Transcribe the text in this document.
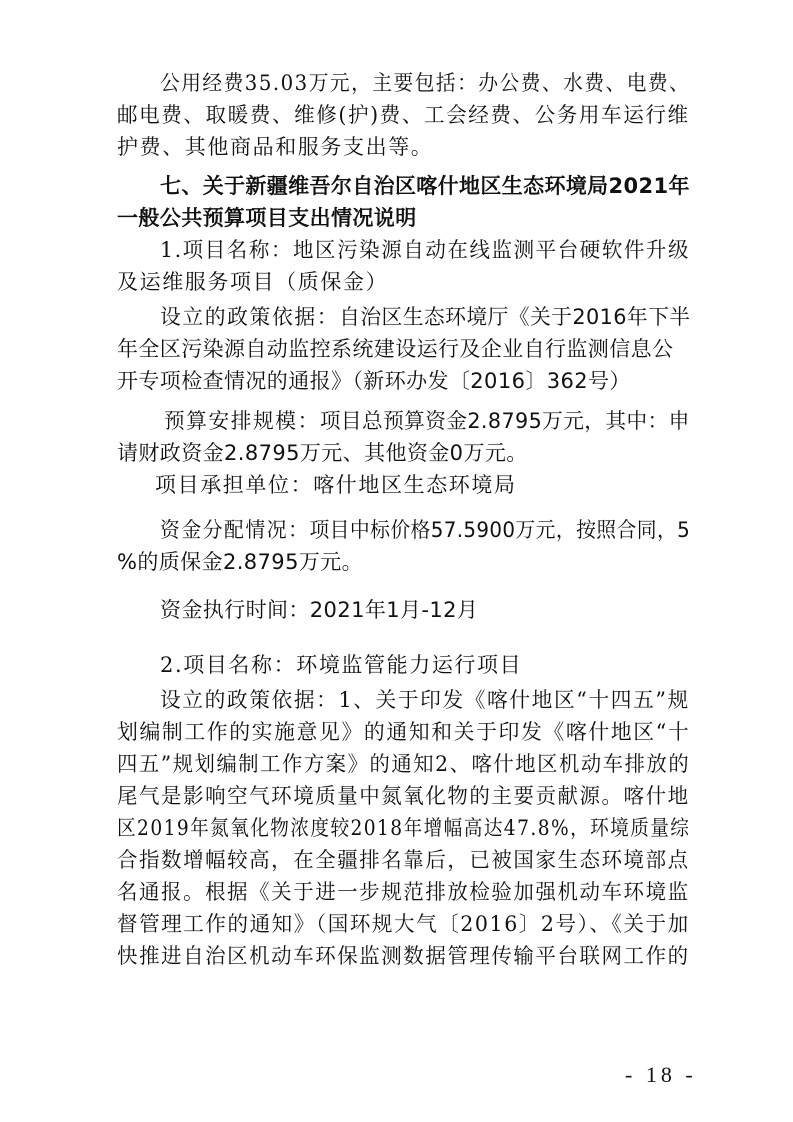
公用经费35.03万元，主要包括：办公费、水费、电费、
邮电费、取暖费、维修(护)费、工会经费、公务用车运行维
护费、其他商品和服务支出等。
七、关于新疆维吾尔自治区喀什地区生态环境局2021年
一般公共预算项目支出情况说明
1.项目名称：地区污染源自动在线监测平台硬软件升级
及运维服务项目（质保金）
设立的政策依据：自治区生态环境厅《关于2016年下半
年全区污染源自动监控系统建设运行及企业自行监测信息公
开专项检查情况的通报》（新环办发〔2016〕362号）
预算安排规模：项目总预算资金2.8795万元，其中：申
请财政资金2.8795万元、其他资金0万元。
项目承担单位：喀什地区生态环境局
资金分配情况：项目中标价格57.5900万元，按照合同，5
%的质保金2.8795万元。
资金执行时间：2021年1月-12月
2.项目名称：环境监管能力运行项目
设立的政策依据：1、关于印发《喀什地区“十四五”规
划编制工作的实施意见》的通知和关于印发《喀什地区“十
四五”规划编制工作方案》的通知2、喀什地区机动车排放的
尾气是影响空气环境质量中氮氧化物的主要贡献源。喀什地
区2019年氮氧化物浓度较2018年增幅高达47.8%，环境质量综
合指数增幅较高，在全疆排名靠后，已被国家生态环境部点
名通报。根据《关于进一步规范排放检验加强机动车环境监
督管理工作的通知》（国环规大气〔2016〕2号）、《关于加
快推进自治区机动车环保监测数据管理传输平台联网工作的
- 18 -
